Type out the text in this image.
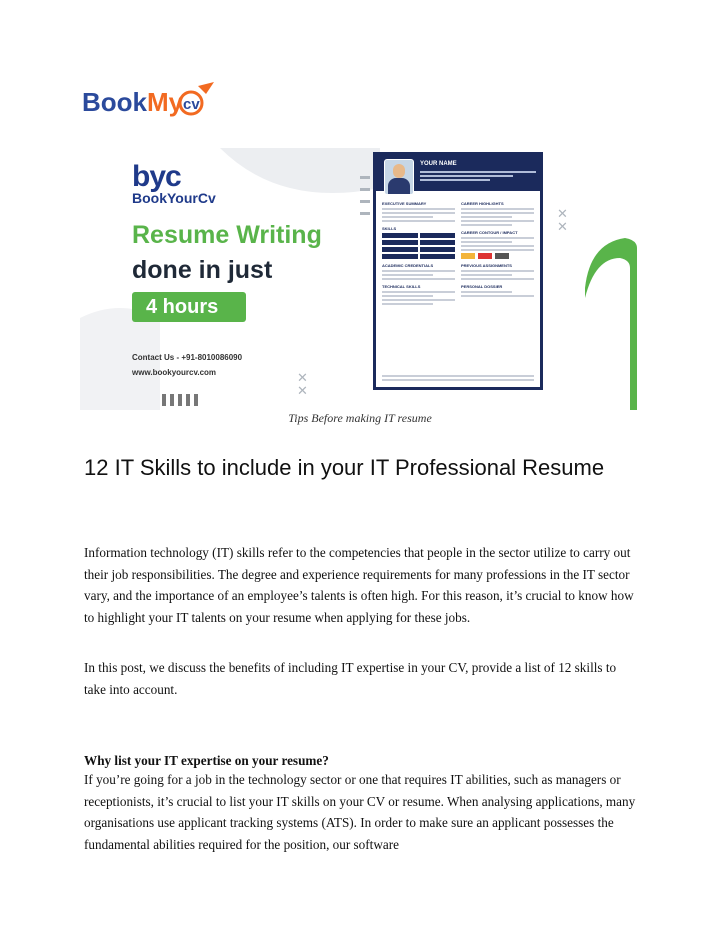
BookMy cv
byc
BookYourCv
Resume Writing
done in just
4 hours
Contact Us - +91-8010086090
www.bookyourcv.com
YOUR NAME
EXECUTIVE SUMMARY
SKILLS
ACADEMIC CREDENTIALS
TECHNICAL SKILLS
CAREER HIGHLIGHTS
CAREER CONTOUR / IMPACT
PREVIOUS ASSIGNMENTS
PERSONAL DOSSIER
✕
✕
✕
✕
Tips Before making IT resume
12 IT Skills to include in your IT Professional Resume

Information technology (IT) skills refer to the competencies that people in the sector utilize to carry out their job responsibilities. The degree and experience requirements for many professions in the IT sector vary, and the importance of an employee’s talents is often high. For this reason, it’s crucial to know how to highlight your IT talents on your resume when applying for these jobs.

In this post, we discuss the benefits of including IT expertise in your CV, provide a list of 12 skills to take into account.

Why list your IT expertise on your resume?

If you’re going for a job in the technology sector or one that requires IT abilities, such as managers or receptionists, it’s crucial to list your IT skills on your CV or resume. When analysing applications, many organisations use applicant tracking systems (ATS). In order to make sure an applicant possesses the fundamental abilities required for the position, our software
